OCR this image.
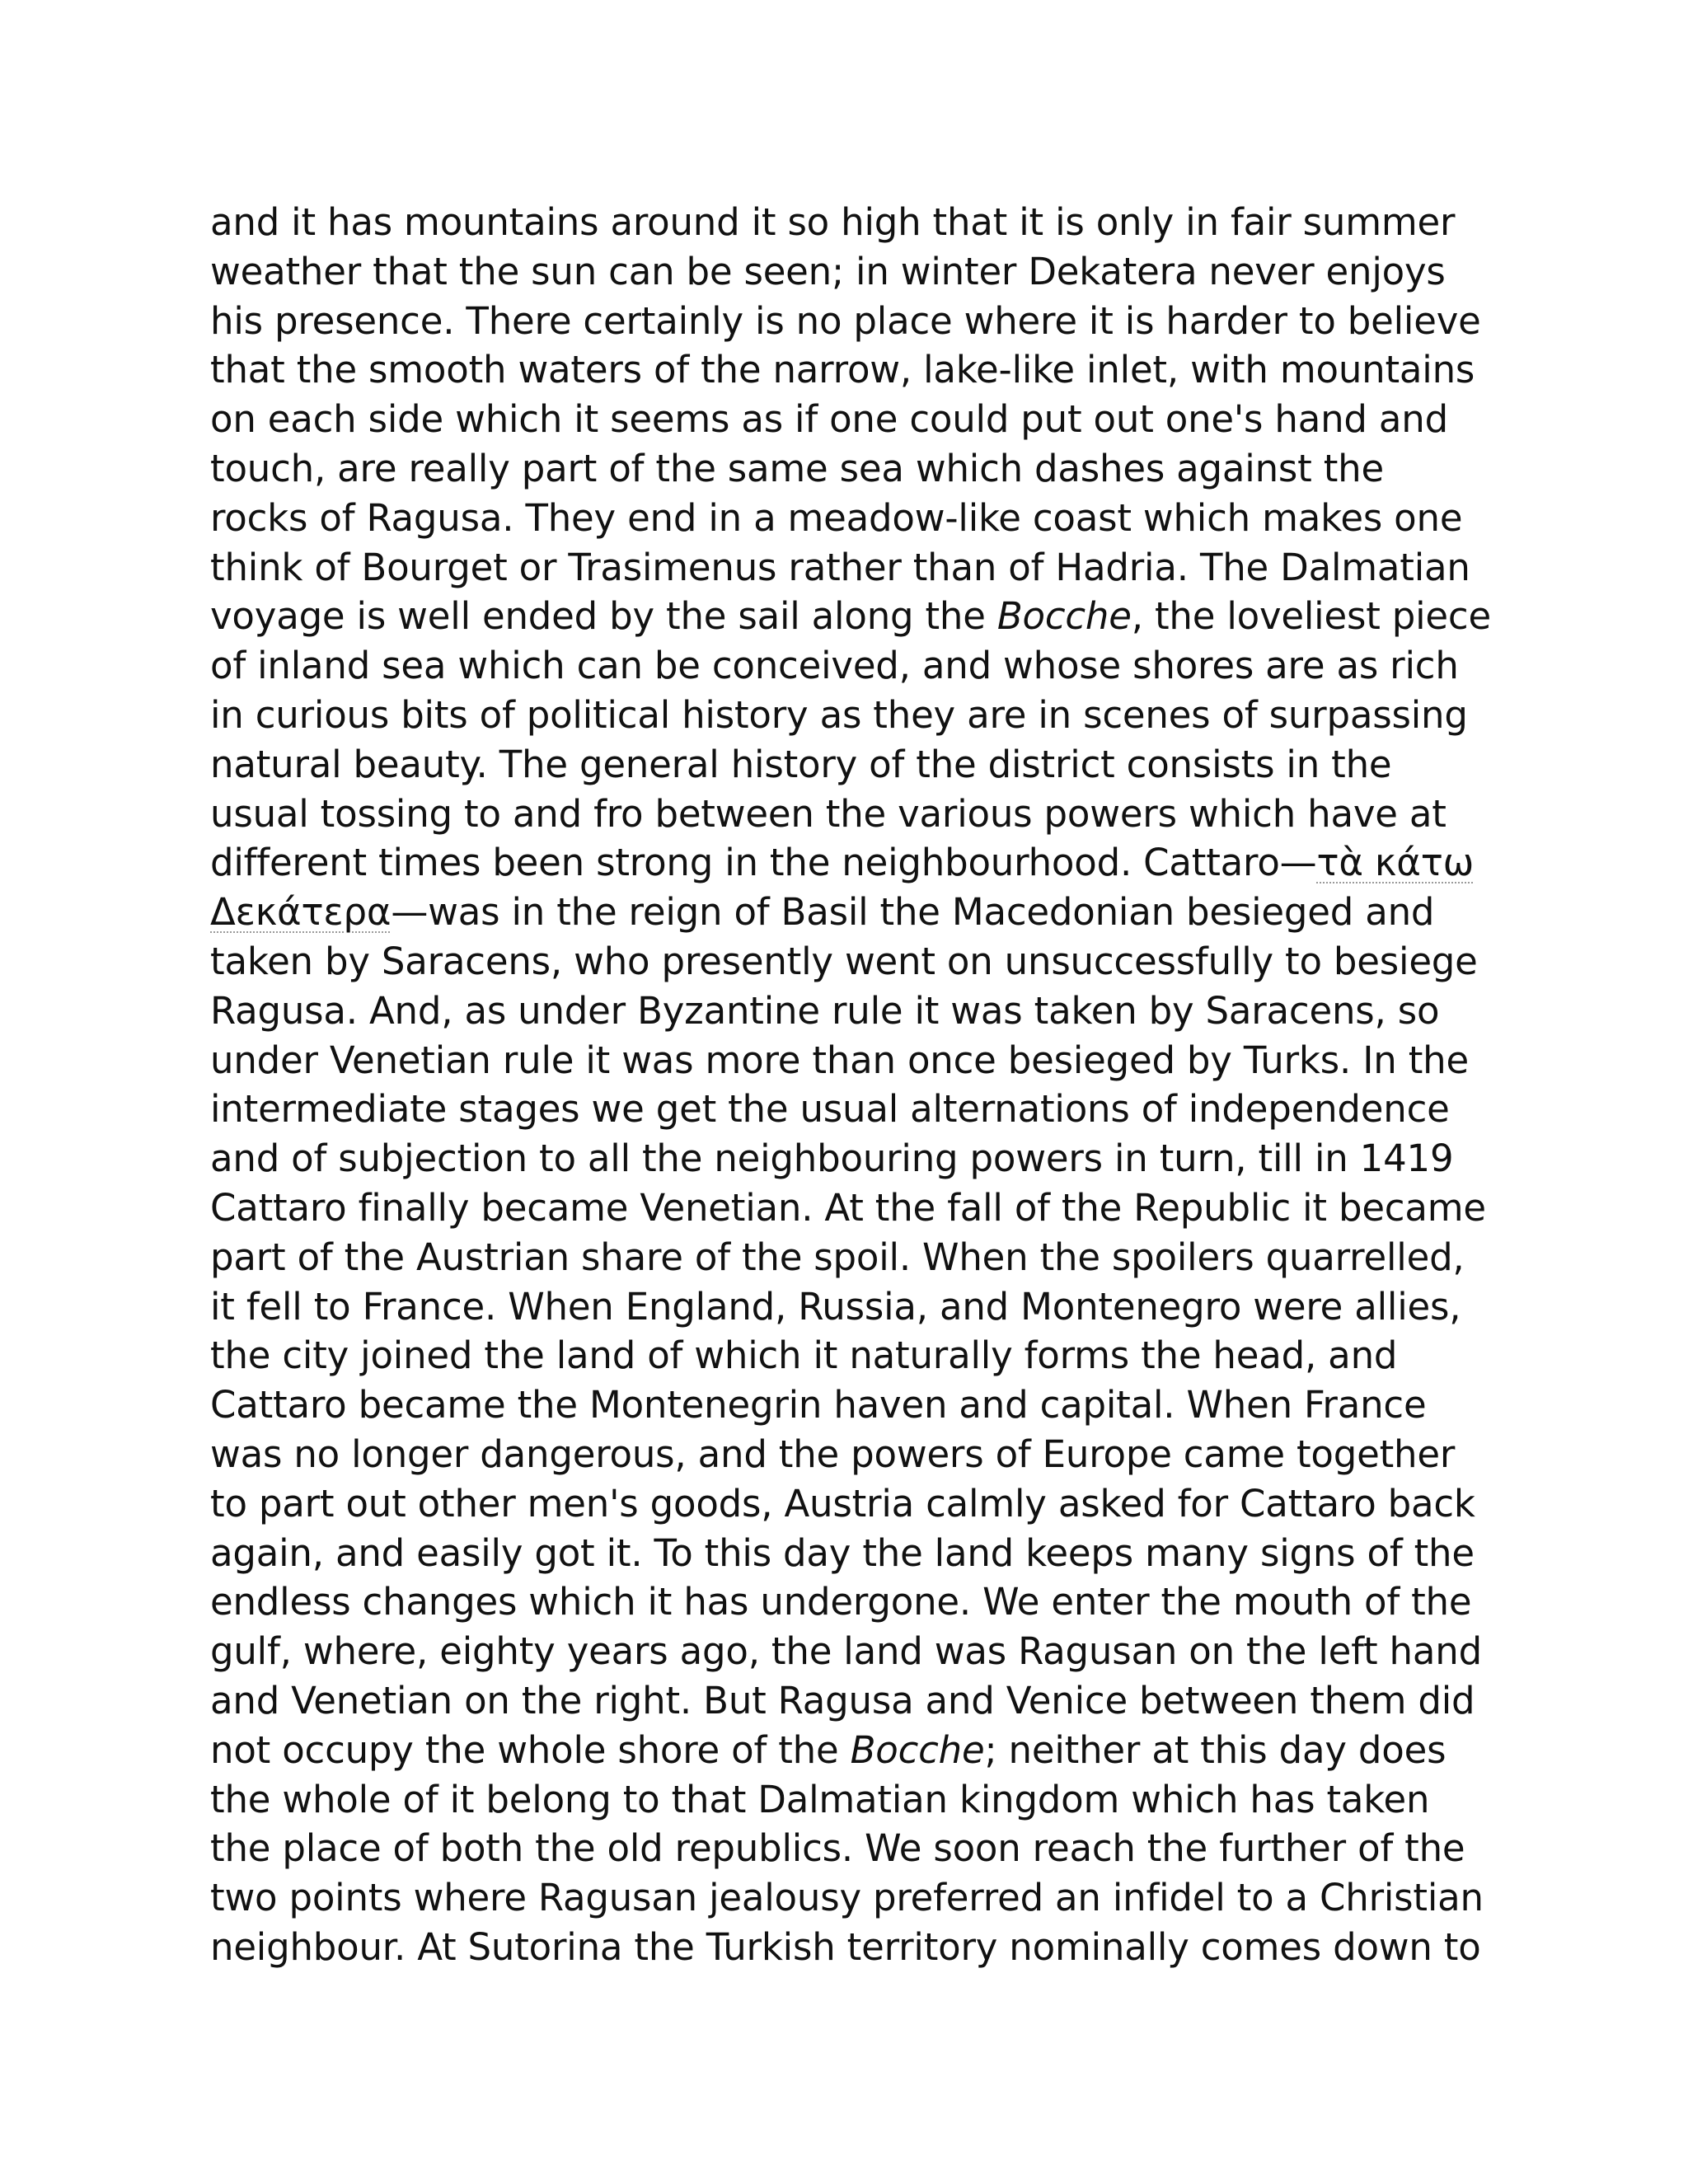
and it has mountains around it so high that it is only in fair summer
weather that the sun can be seen; in winter Dekatera never enjoys
his presence. There certainly is no place where it is harder to believe
that the smooth waters of the narrow, lake-like inlet, with mountains
on each side which it seems as if one could put out one's hand and
touch, are really part of the same sea which dashes against the
rocks of Ragusa. They end in a meadow-like coast which makes one
think of Bourget or Trasimenus rather than of Hadria. The Dalmatian
voyage is well ended by the sail along the Bocche, the loveliest piece
of inland sea which can be conceived, and whose shores are as rich
in curious bits of political history as they are in scenes of surpassing
natural beauty. The general history of the district consists in the
usual tossing to and fro between the various powers which have at
different times been strong in the neighbourhood. Cattaro—τὰ κάτω
Δεκάτερα—was in the reign of Basil the Macedonian besieged and
taken by Saracens, who presently went on unsuccessfully to besiege
Ragusa. And, as under Byzantine rule it was taken by Saracens, so
under Venetian rule it was more than once besieged by Turks. In the
intermediate stages we get the usual alternations of independence
and of subjection to all the neighbouring powers in turn, till in 1419
Cattaro finally became Venetian. At the fall of the Republic it became
part of the Austrian share of the spoil. When the spoilers quarrelled,
it fell to France. When England, Russia, and Montenegro were allies,
the city joined the land of which it naturally forms the head, and
Cattaro became the Montenegrin haven and capital. When France
was no longer dangerous, and the powers of Europe came together
to part out other men's goods, Austria calmly asked for Cattaro back
again, and easily got it. To this day the land keeps many signs of the
endless changes which it has undergone. We enter the mouth of the
gulf, where, eighty years ago, the land was Ragusan on the left hand
and Venetian on the right. But Ragusa and Venice between them did
not occupy the whole shore of the Bocche; neither at this day does
the whole of it belong to that Dalmatian kingdom which has taken
the place of both the old republics. We soon reach the further of the
two points where Ragusan jealousy preferred an infidel to a Christian
neighbour. At Sutorina the Turkish territory nominally comes down to
